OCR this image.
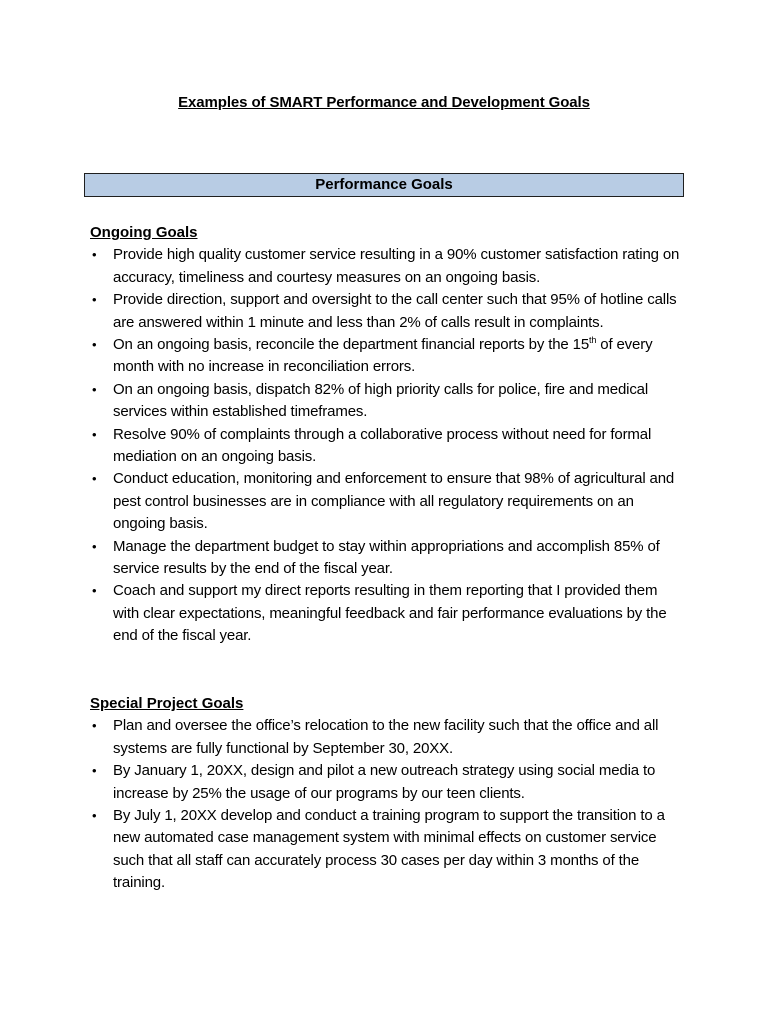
Examples of SMART Performance and Development Goals
Performance Goals
Ongoing Goals
• Provide high quality customer service resulting in a 90% customer satisfaction rating on accuracy, timeliness and courtesy measures on an ongoing basis.
• Provide direction, support and oversight to the call center such that 95% of hotline calls are answered within 1 minute and less than 2% of calls result in complaints.
• On an ongoing basis, reconcile the department financial reports by the 15th of every month with no increase in reconciliation errors.
• On an ongoing basis, dispatch 82% of high priority calls for police, fire and medical services within established timeframes.
• Resolve 90% of complaints through a collaborative process without need for formal mediation on an ongoing basis.
• Conduct education, monitoring and enforcement to ensure that 98% of agricultural and pest control businesses are in compliance with all regulatory requirements on an ongoing basis.
• Manage the department budget to stay within appropriations and accomplish 85% of service results by the end of the fiscal year.
• Coach and support my direct reports resulting in them reporting that I provided them with clear expectations, meaningful feedback and fair performance evaluations by the end of the fiscal year.
Special Project Goals
• Plan and oversee the office’s relocation to the new facility such that the office and all systems are fully functional by September 30, 20XX.
• By January 1, 20XX, design and pilot a new outreach strategy using social media to increase by 25% the usage of our programs by our teen clients.
• By July 1, 20XX develop and conduct a training program to support the transition to a new automated case management system with minimal effects on customer service such that all staff can accurately process 30 cases per day within 3 months of the training.
